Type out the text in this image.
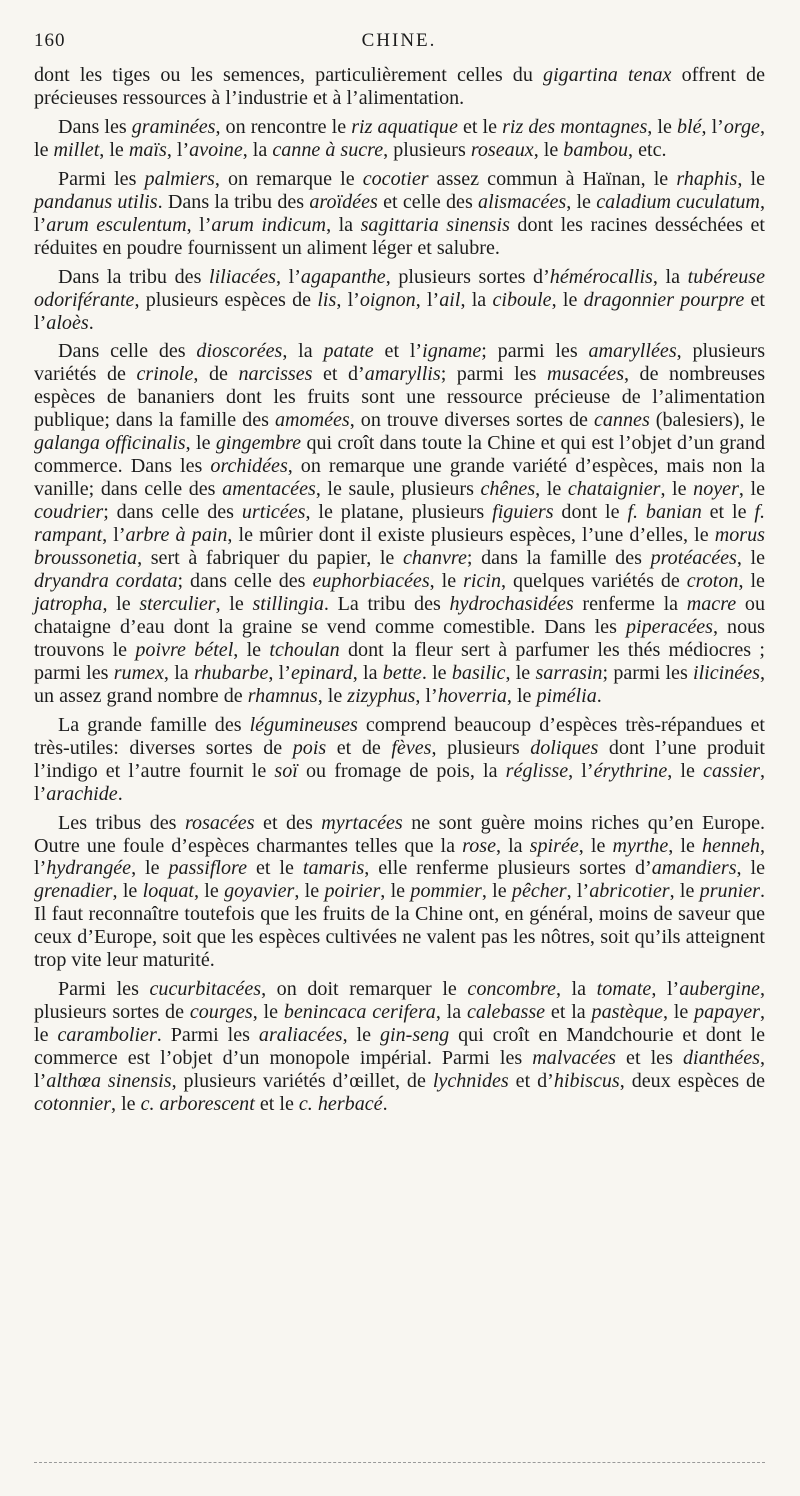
160	CHINE.

dont les tiges ou les semences, particulièrement celles du gigartina tenax offrent de précieuses ressources à l’industrie et à l’alimentation.

Dans les graminées, on rencontre le riz aquatique et le riz des montagnes, le blé, l’orge, le millet, le maïs, l’avoine, la canne à sucre, plusieurs roseaux, le bambou, etc.

Parmi les palmiers, on remarque le cocotier assez commun à Haïnan, le rhaphis, le pandanus utilis. Dans la tribu des aroïdées et celle des alismacées, le caladium cuculatum, l’arum esculentum, l’arum indicum, la sagittaria sinensis dont les racines desséchées et réduites en poudre fournissent un aliment léger et salubre.

Dans la tribu des liliacées, l’agapanthe, plusieurs sortes d’hémérocallis, la tubéreuse odoriférante, plusieurs espèces de lis, l’oignon, l’ail, la ciboule, le dragonnier pourpre et l’aloès.

Dans celle des dioscorées, la patate et l’igname; parmi les amaryllées, plusieurs variétés de crinole, de narcisses et d’amaryllis; parmi les musacées, de nombreuses espèces de bananiers dont les fruits sont une ressource précieuse de l’alimentation publique; dans la famille des amomées, on trouve diverses sortes de cannes (balesiers), le galanga officinalis, le gingembre qui croît dans toute la Chine et qui est l’objet d’un grand commerce. Dans les orchidées, on remarque une grande variété d’espèces, mais non la vanille; dans celle des amentacées, le saule, plusieurs chênes, le chataignier, le noyer, le coudrier; dans celle des urticées, le platane, plusieurs figuiers dont le f. banian et le f. rampant, l’arbre à pain, le mûrier dont il existe plusieurs espèces, l’une d’elles, le morus broussonetia, sert à fabriquer du papier, le chanvre; dans la famille des protéacées, le dryandra cordata; dans celle des euphorbiacées, le ricin, quelques variétés de croton, le jatropha, le sterculier, le stillingia. La tribu des hydrochasidées renferme la macre ou chataigne d’eau dont la graine se vend comme comestible. Dans les piperacées, nous trouvons le poivre bétel, le tchoulan dont la fleur sert à parfumer les thés médiocres ; parmi les rumex, la rhubarbe, l’epinard, la bette. le basilic, le sarrasin; parmi les ilicinées, un assez grand nombre de rhamnus, le zizyphus, l’hoverria, le pimélia.

La grande famille des légumineuses comprend beaucoup d’espèces très-répandues et très-utiles: diverses sortes de pois et de fèves, plusieurs doliques dont l’une produit l’indigo et l’autre fournit le soï ou fromage de pois, la réglisse, l’érythrine, le cassier, l’arachide.

Les tribus des rosacées et des myrtacées ne sont guère moins riches qu’en Europe. Outre une foule d’espèces charmantes telles que la rose, la spirée, le myrthe, le henneh, l’hydrangée, le passiflore et le tamaris, elle renferme plusieurs sortes d’amandiers, le grenadier, le loquat, le goyavier, le poirier, le pommier, le pêcher, l’abricotier, le prunier. Il faut reconnaître toutefois que les fruits de la Chine ont, en général, moins de saveur que ceux d’Europe, soit que les espèces cultivées ne valent pas les nôtres, soit qu’ils atteignent trop vite leur maturité.

Parmi les cucurbitacées, on doit remarquer le concombre, la tomate, l’aubergine, plusieurs sortes de courges, le benincaca cerifera, la calebasse et la pastèque, le papayer, le carambolier. Parmi les araliacées, le gin-seng qui croît en Mandchourie et dont le commerce est l’objet d’un monopole impérial. Parmi les malvacées et les dianthées, l’althœa sinensis, plusieurs variétés d’œillet, de lychnides et d’hibiscus, deux espèces de cotonnier, le c. arborescent et le c. herbacé.
